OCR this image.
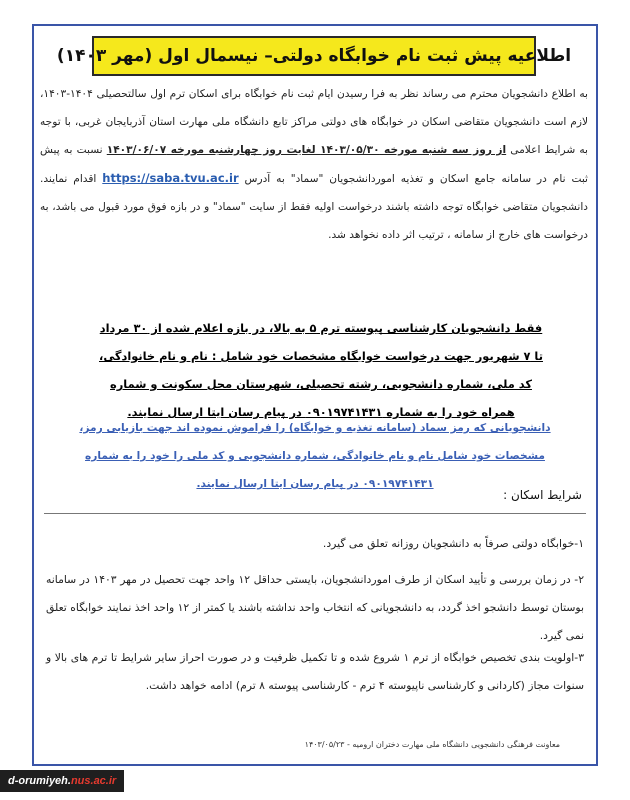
اطلاعیه پیش ثبت نام خوابگاه دولتی– نیسمال اول (مهر ۱۴۰۳)
به اطلاع دانشجویان محترم می رساند نظر به فرا رسیدن ایام ثبت نام خوابگاه برای اسکان ترم اول سالتحصیلی ۱۴۰۴-۱۴۰۳، لازم است دانشجویان متقاضی اسکان در خوابگاه های دولتی مراکز تابع دانشگاه ملی مهارت استان آذربایجان غربی، با توجه به شرایط اعلامی از روز سه شنبه مورخه ۱۴۰۳/۰۵/۳۰ لغایت روز چهارشنبه مورخه ۱۴۰۳/۰۶/۰۷ نسبت به پیش ثبت نام در سامانه جامع اسکان و تغذیه اموردانشجویان "سماد" به آدرس https://saba.tvu.ac.ir اقدام نمایند. دانشجویان متقاضی خوابگاه توجه داشته باشند درخواست اولیه فقط از سایت "سماد" و در بازه فوق مورد قبول می باشد، به درخواست های خارج از سامانه ، ترتیب اثر داده نخواهد شد.
فقط دانشجویان کارشناسی پیوسته ترم ۵ به بالا، در بازه اعلام شده از ۳۰ مرداد تا ۷ شهریور جهت درخواست خوابگاه مشخصات خود شامل : نام و نام خانوادگی، کد ملی، شماره دانشجویی، رشته تحصیلی، شهرستان محل سکونت و شماره همراه خود را به شماره ۰۹۰۱۹۷۴۱۴۳۱ در پیام رسان ایتا ارسال نمایند.
دانشجویانی که رمز سماد (سامانه تغذیه و خوابگاه) را فراموش نموده اند جهت بازیابی رمز، مشخصات خود شامل نام و نام خانوادگی، شماره دانشجویی و کد ملی را خود را به شماره ۰۹۰۱۹۷۴۱۴۳۱ در پیام رسان ایتا ارسال نمایند.
شرایط اسکان :
۱-خوابگاه دولتی صرفاً به دانشجویان روزانه تعلق می گیرد.
۲- در زمان بررسی و تأیید اسکان از طرف اموردانشجویان، بایستی حداقل ۱۲ واحد جهت تحصیل در مهر ۱۴۰۳ در سامانه بوستان توسط دانشجو اخذ گردد، به دانشجویانی که انتخاب واحد نداشته باشند یا کمتر از ۱۲ واحد اخذ نمایند خوابگاه تعلق نمی گیرد.
۳-اولویت بندی تخصیص خوابگاه از ترم ۱ شروع شده و تا تکمیل ظرفیت و در صورت احراز سایر شرایط تا ترم های بالا و سنوات مجاز (کاردانی و کارشناسی ناپیوسته ۴ ترم - کارشناسی پیوسته ۸ ترم) ادامه خواهد داشت.
معاونت فرهنگی دانشجویی دانشگاه ملی مهارت دختران ارومیه - ۱۴۰۳/۰۵/۲۳
d-orumiyeh.nus.ac.ir
